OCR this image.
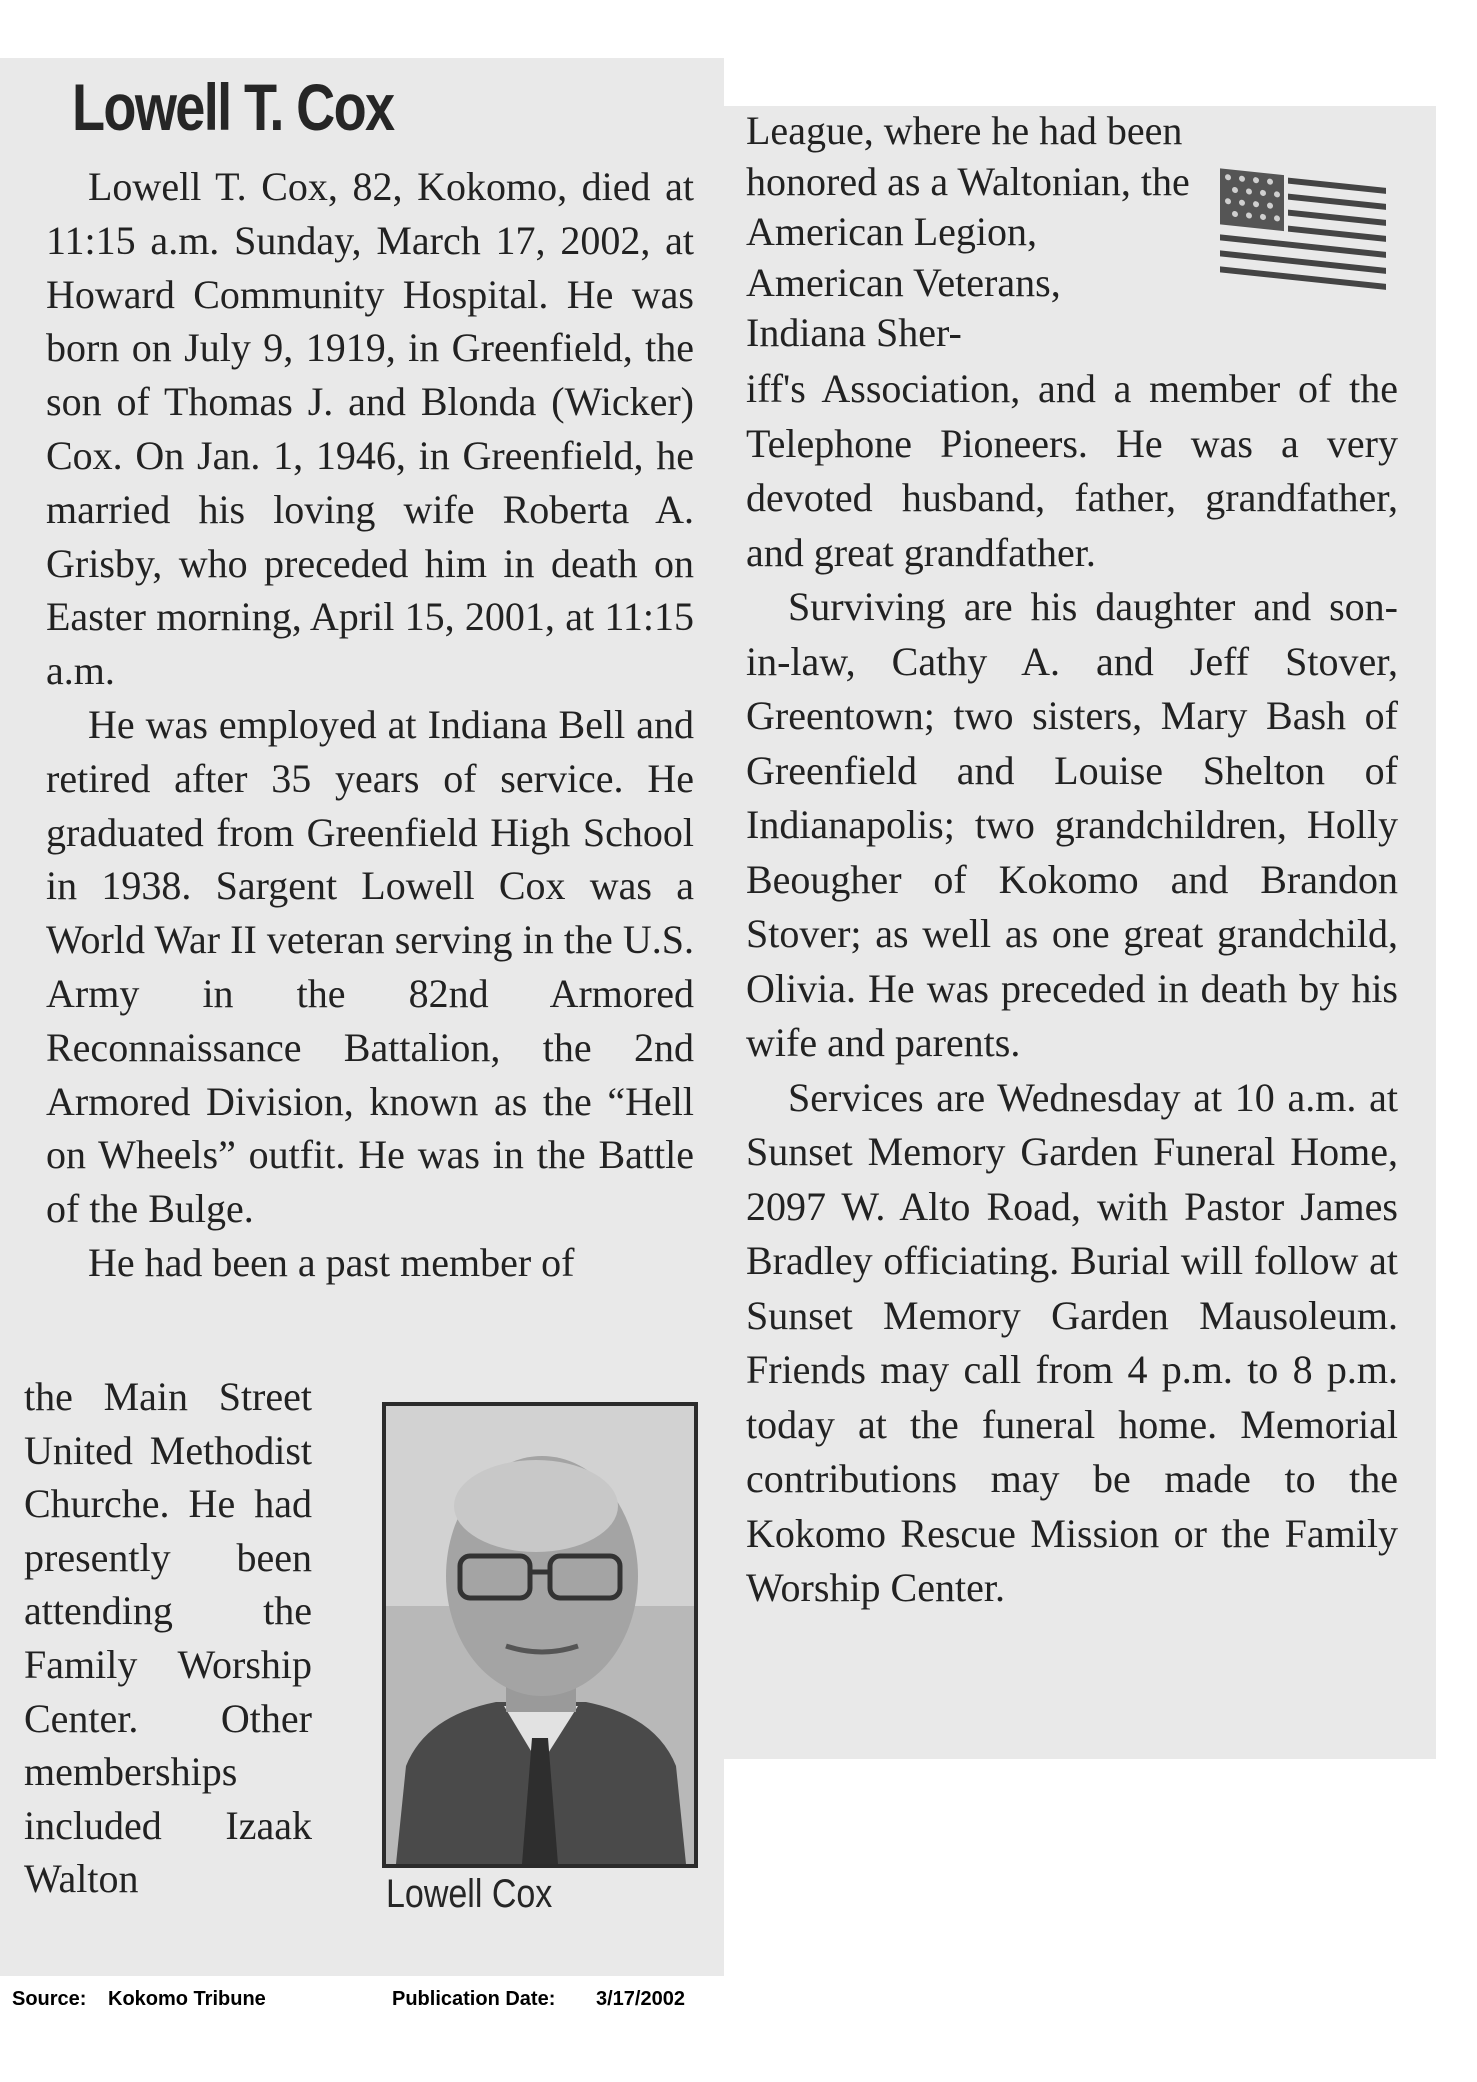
Lowell T. Cox

Lowell T. Cox, 82, Kokomo, died at 11:15 a.m. Sunday, March 17, 2002, at Howard Community Hospital. He was born on July 9, 1919, in Greenfield, the son of Thomas J. and Blonda (Wicker) Cox. On Jan. 1, 1946, in Greenfield, he married his loving wife Roberta A. Grisby, who preceded him in death on Easter morning, April 15, 2001, at 11:15 a.m.

He was employed at Indiana Bell and retired after 35 years of service. He graduated from Greenfield High School in 1938. Sargent Lowell Cox was a World War II veteran serving in the U.S. Army in the 82nd Armored Reconnaissance Battalion, the 2nd Armored Division, known as the “Hell on Wheels” outfit. He was in the Battle of the Bulge.

He had been a past member of

the Main Street United Methodist Churche. He had presently been attending the Family Worship Center. Other memberships included Izaak Walton

League, where he had been honored as a Waltonian, the American Legion, American Veterans, Indiana Sher-

iff's Association, and a member of the Telephone Pioneers. He was a very devoted husband, father, grandfather, and great grandfather.

Surviving are his daughter and son-in-law, Cathy A. and Jeff Stover, Greentown; two sisters, Mary Bash of Greenfield and Louise Shelton of Indianapolis; two grandchildren, Holly Beougher of Kokomo and Brandon Stover; as well as one great grandchild, Olivia. He was preceded in death by his wife and parents.

Services are Wednesday at 10 a.m. at Sunset Memory Garden Funeral Home, 2097 W. Alto Road, with Pastor James Bradley officiating. Burial will follow at Sunset Memory Garden Mausoleum. Friends may call from 4 p.m. to 8 p.m. today at the funeral home. Memorial contributions may be made to the Kokomo Rescue Mission or the Family Worship Center.

Lowell Cox
Source: Kokomo Tribune	Publication Date: 3/17/2002
